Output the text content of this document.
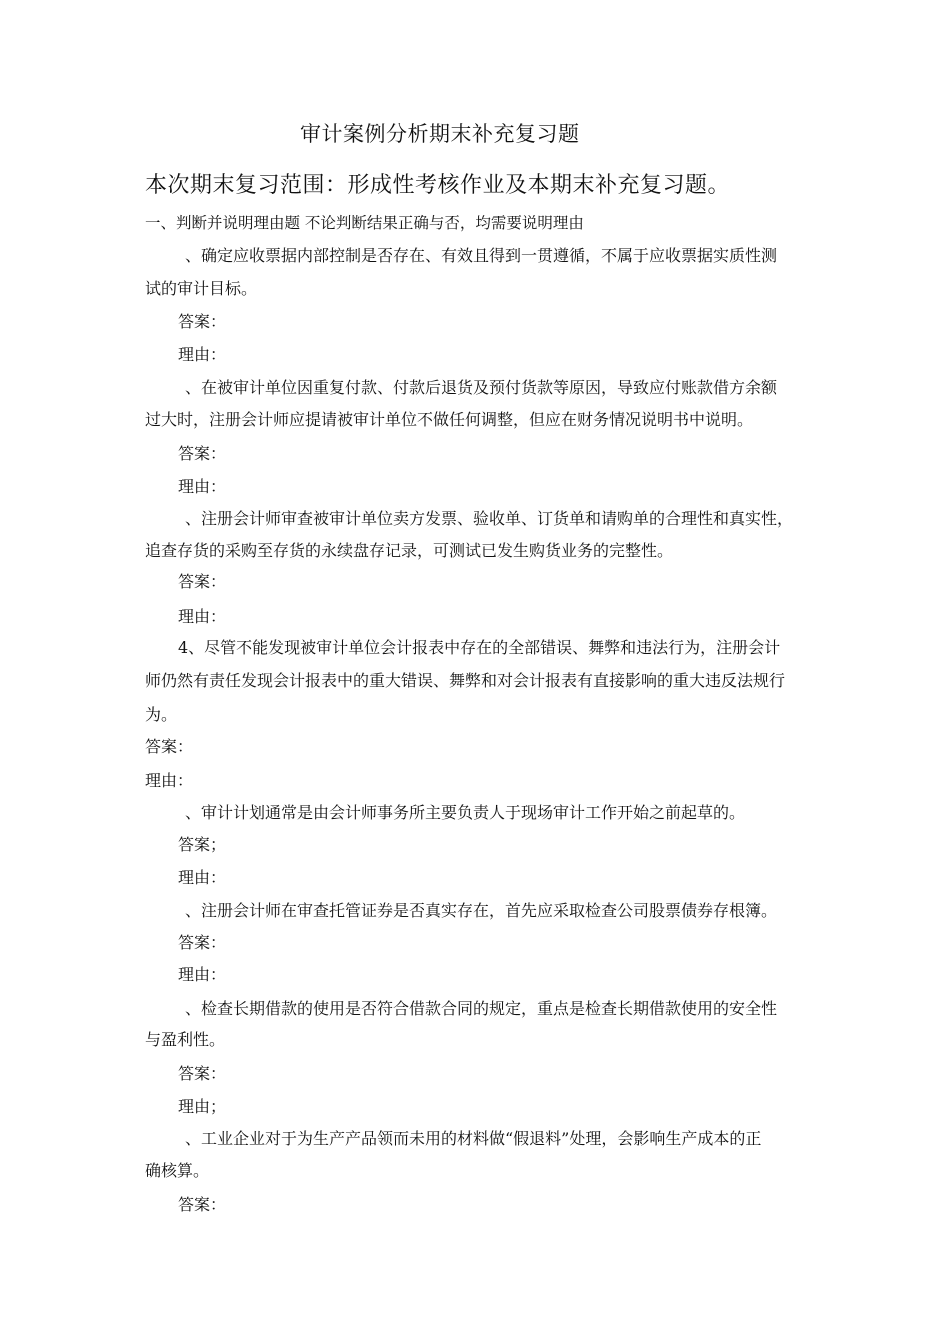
审计案例分析期末补充复习题
本次期末复习范围：形成性考核作业及本期末补充复习题。
一、判断并说明理由题 不论判断结果正确与否，均需要说明理由
、确定应收票据内部控制是否存在、有效且得到一贯遵循，不属于应收票据实质性测
试的审计目标。
答案：
理由：
、在被审计单位因重复付款、付款后退货及预付货款等原因，导致应付账款借方余额
过大时，注册会计师应提请被审计单位不做任何调整，但应在财务情况说明书中说明。
答案：
理由：
、注册会计师审查被审计单位卖方发票、验收单、订货单和请购单的合理性和真实性，
追查存货的采购至存货的永续盘存记录，可测试已发生购货业务的完整性。
答案：
理由：
4、尽管不能发现被审计单位会计报表中存在的全部错误、舞弊和违法行为，注册会计
师仍然有责任发现会计报表中的重大错误、舞弊和对会计报表有直接影响的重大违反法规行
为。
答案：
理由：
、审计计划通常是由会计师事务所主要负责人于现场审计工作开始之前起草的。
答案；
理由：
、注册会计师在审查托管证券是否真实存在，首先应采取检查公司股票债券存根簿。
答案：
理由：
、检查长期借款的使用是否符合借款合同的规定，重点是检查长期借款使用的安全性
与盈利性。
答案：
理由；
、工业企业对于为生产产品领而未用的材料做“假退料”处理，会影响生产成本的正
确核算。
答案：
